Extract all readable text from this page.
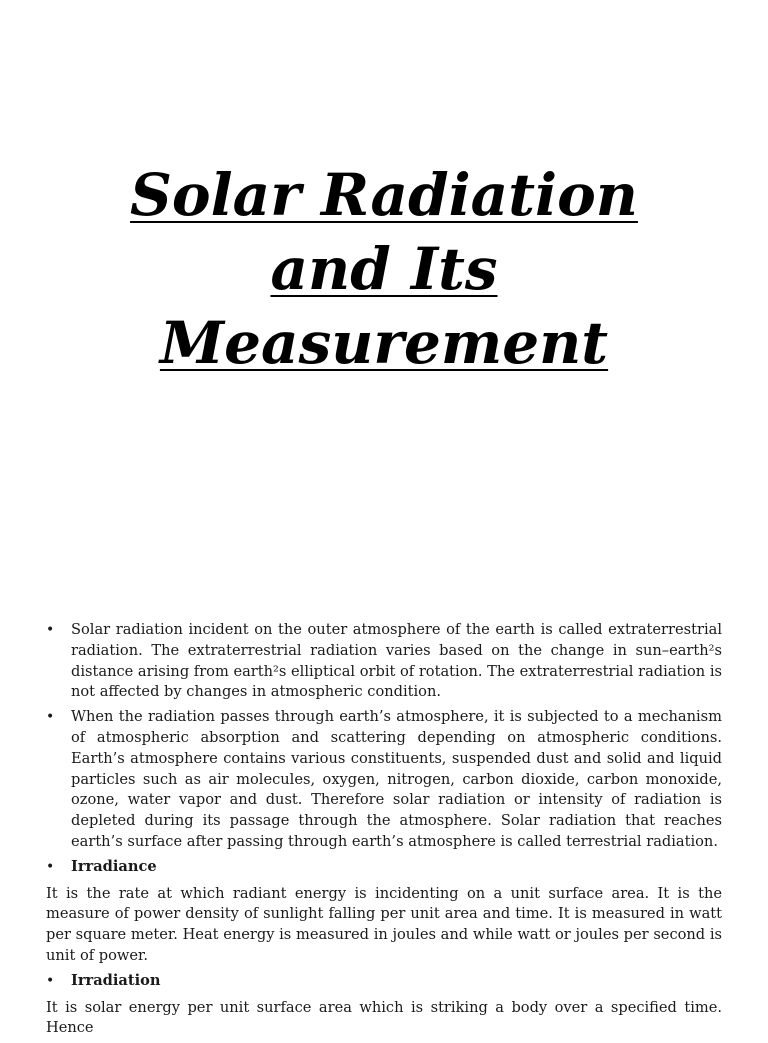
Solar Radiation
and Its
Measurement
• Solar radiation incident on the outer atmosphere of the earth is called extraterrestrial radiation. The extraterrestrial radiation varies based on the change in sun–earth²s distance arising from earth²s elliptical orbit of rotation. The extraterrestrial radiation is not affected by changes in atmospheric condition.
• When the radiation passes through earth’s atmosphere, it is subjected to a mechanism of atmospheric absorption and scattering depending on atmospheric conditions. Earth’s atmosphere contains various constituents, suspended dust and solid and liquid particles such as air molecules, oxygen, nitrogen, carbon dioxide, carbon monoxide, ozone, water vapor and dust. Therefore solar radiation or intensity of radiation is depleted during its passage through the atmosphere. Solar radiation that reaches earth’s surface after passing through earth’s atmosphere is called terrestrial radiation.
• Irradiance
It is the rate at which radiant energy is incidenting on a unit surface area. It is the measure of power density of sunlight falling per unit area and time. It is measured in watt per square meter. Heat energy is measured in joules and while watt or joules per second is unit of power.
• Irradiation
It is solar energy per unit surface area which is striking a body over a specified time. Hence
